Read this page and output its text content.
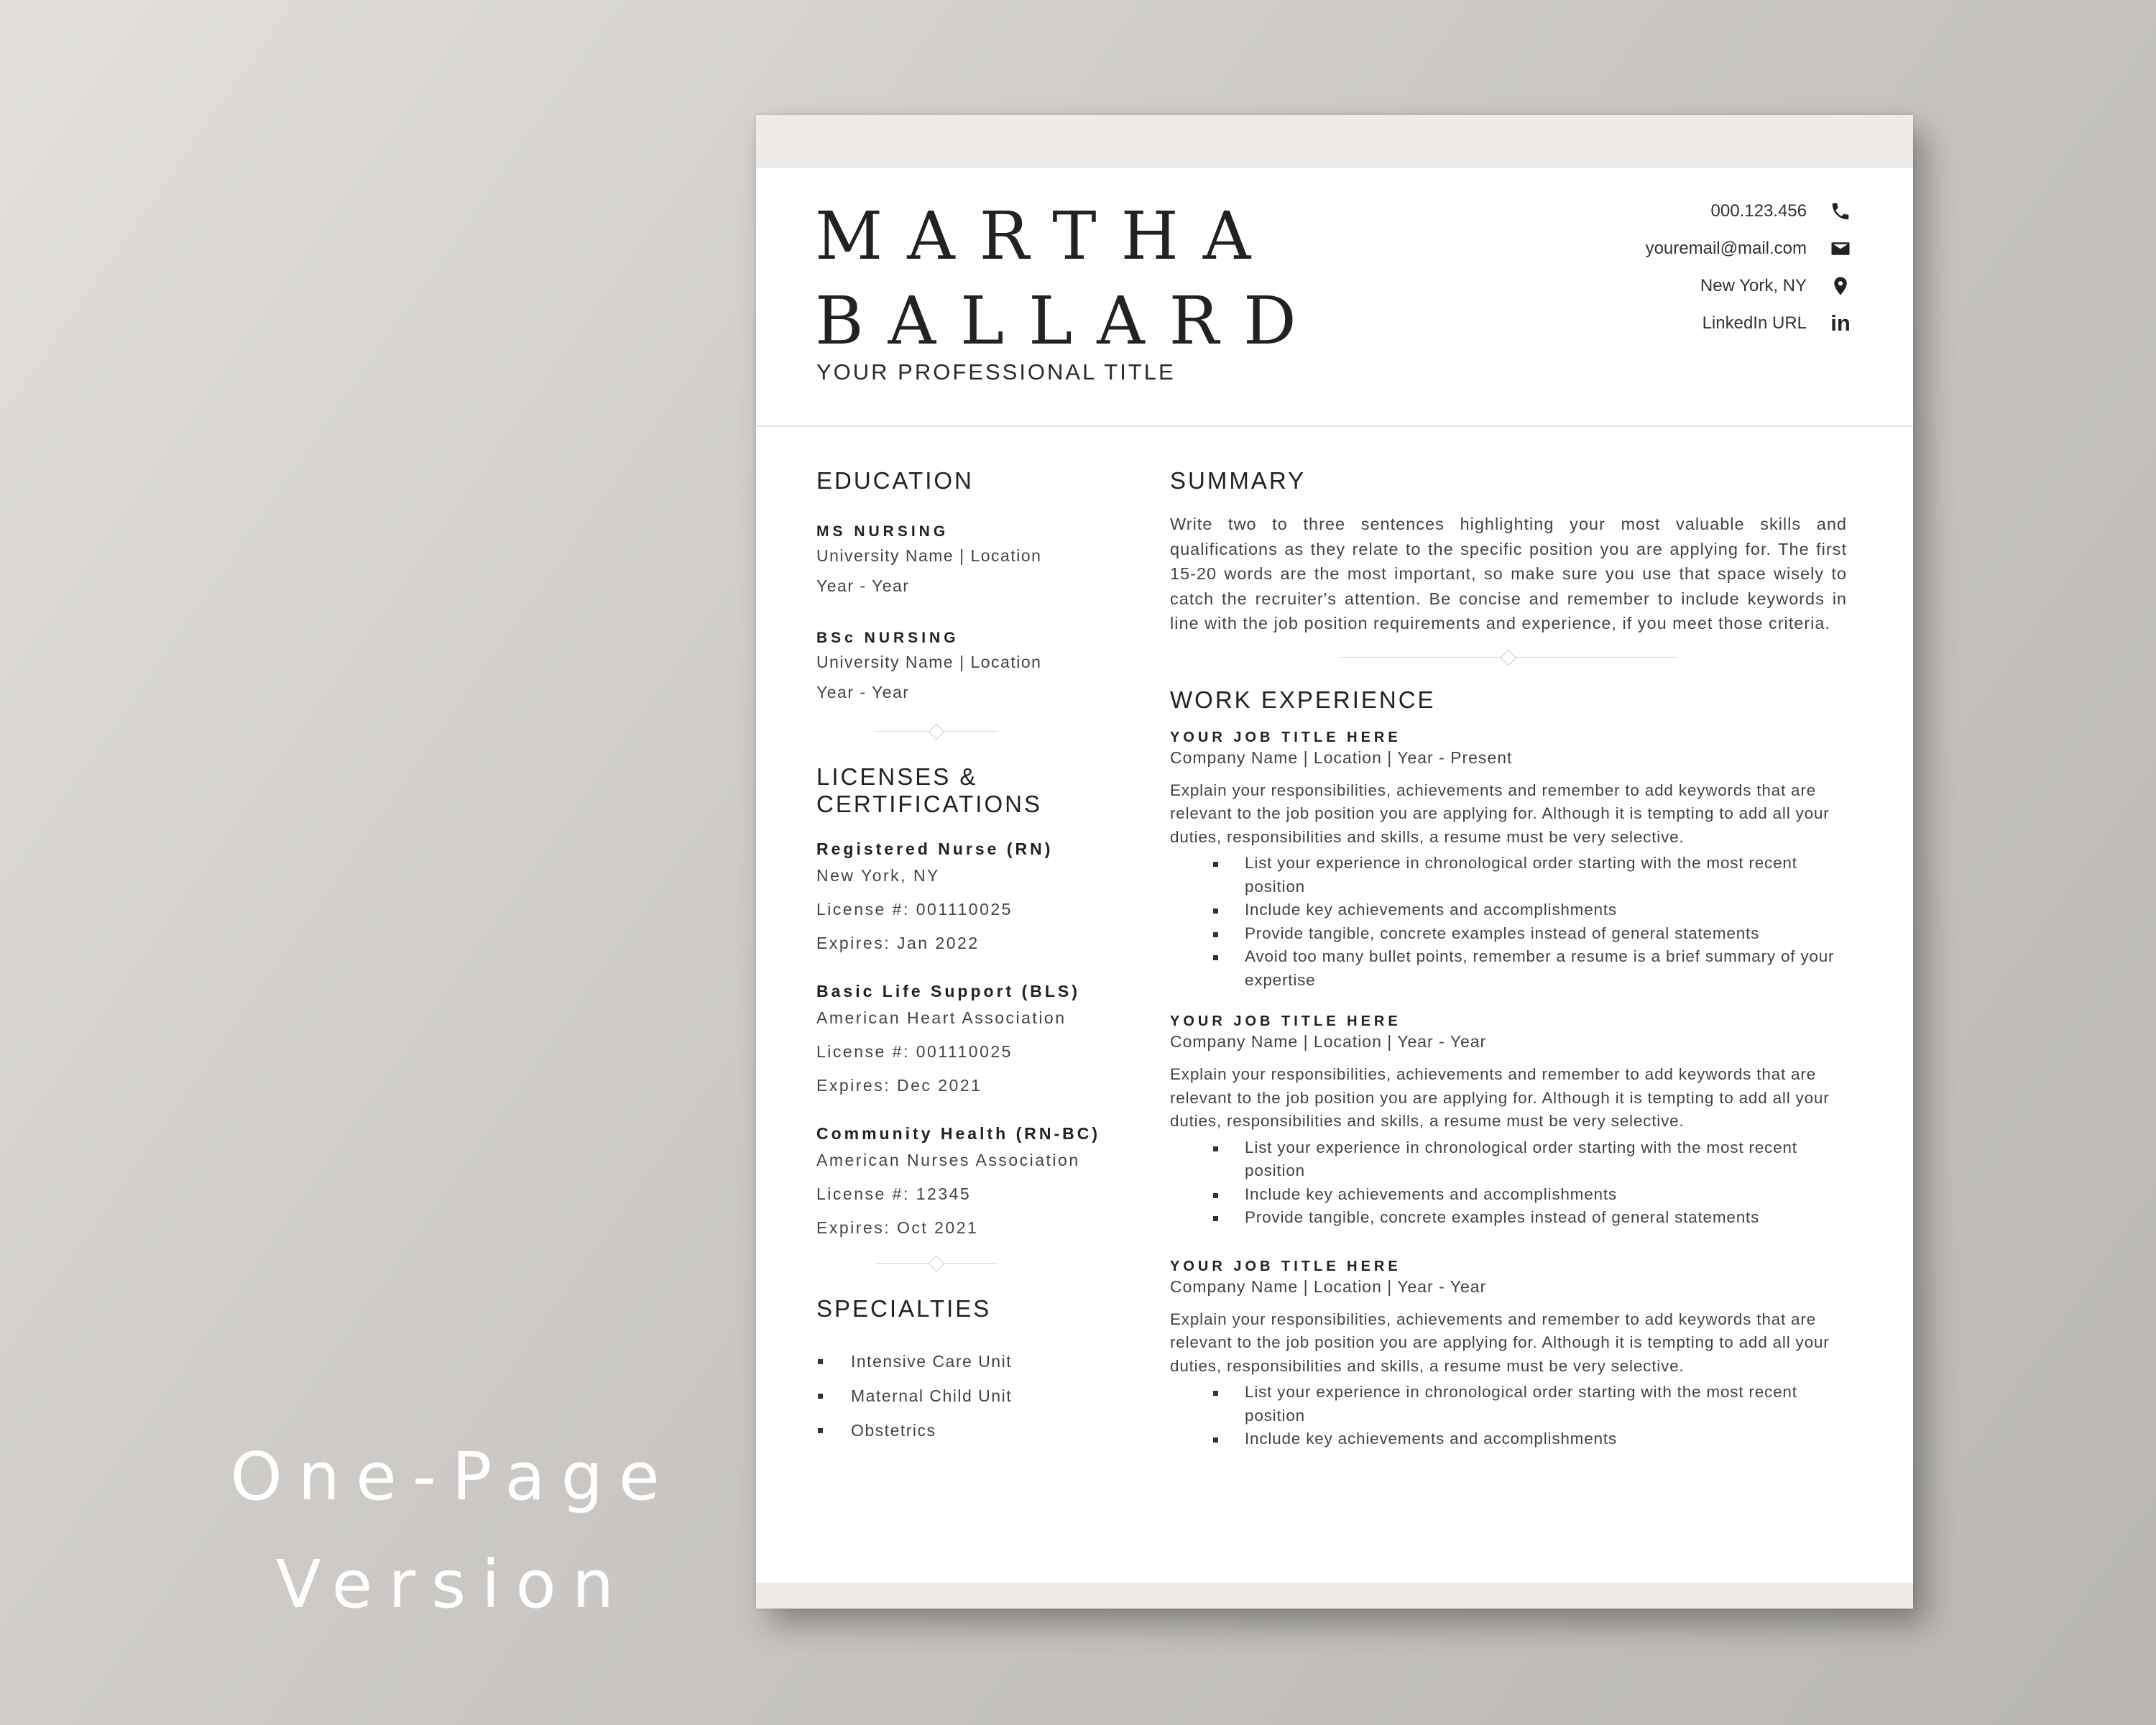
One-Page
Version
MARTHA
BALLARD
YOUR PROFESSIONAL TITLE
000.123.456
youremail@mail.com
New York, NY
LinkedIn URL in
EDUCATION
MS NURSING
University Name | Location
Year - Year
BSc NURSING
University Name | Location
Year - Year
LICENSES &
CERTIFICATIONS
Registered Nurse (RN)
New York, NY
License #: 001110025
Expires: Jan 2022
Basic Life Support (BLS)
American Heart Association
License #: 001110025
Expires: Dec 2021
Community Health (RN-BC)
American Nurses Association
License #: 12345
Expires: Oct 2021
SPECIALTIES
Intensive Care Unit
Maternal Child Unit
Obstetrics
SUMMARY
Write two to three sentences highlighting your most valuable skills and qualifications as they relate to the specific position you are applying for. The first 15-20 words are the most important, so make sure you use that space wisely to catch the recruiter's attention. Be concise and remember to include keywords in line with the job position requirements and experience, if you meet those criteria.
WORK EXPERIENCE
YOUR JOB TITLE HERE
Company Name | Location | Year - Present
Explain your responsibilities, achievements and remember to add keywords that are relevant to the job position you are applying for. Although it is tempting to add all your duties, responsibilities and skills, a resume must be very selective.
List your experience in chronological order starting with the most recent position
Include key achievements and accomplishments
Provide tangible, concrete examples instead of general statements
Avoid too many bullet points, remember a resume is a brief summary of your expertise
YOUR JOB TITLE HERE
Company Name | Location | Year - Year
Explain your responsibilities, achievements and remember to add keywords that are relevant to the job position you are applying for. Although it is tempting to add all your duties, responsibilities and skills, a resume must be very selective.
List your experience in chronological order starting with the most recent position
Include key achievements and accomplishments
Provide tangible, concrete examples instead of general statements
YOUR JOB TITLE HERE
Company Name | Location | Year - Year
Explain your responsibilities, achievements and remember to add keywords that are relevant to the job position you are applying for. Although it is tempting to add all your duties, responsibilities and skills, a resume must be very selective.
List your experience in chronological order starting with the most recent position
Include key achievements and accomplishments
